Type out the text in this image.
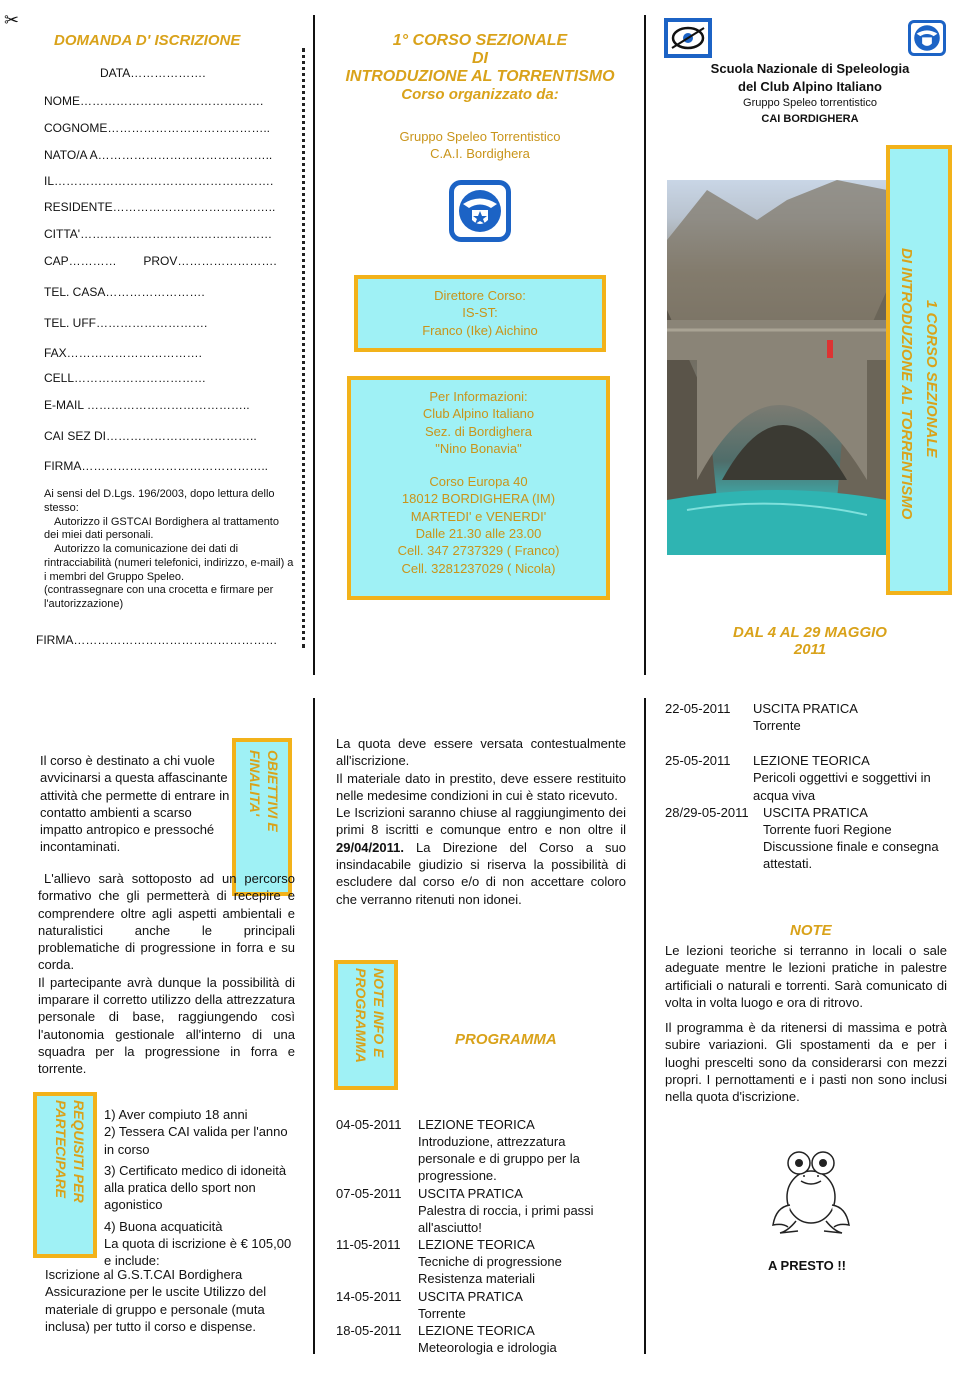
✂
DOMANDA D' ISCRIZIONE
DATA……………….
NOME……………………………………….
COGNOME…………………………………..
NATO/A A……………………………………..
IL……………………………………………….
RESIDENTE…………………………………..
CITTA'…………………………………………
CAP…………        PROV…………………….
TEL. CASA…………………….
TEL. UFF……………………….
FAX…………………………….
CELL……………………………
E-MAIL …………………………………..
CAI SEZ DI………………………………..
FIRMA………………………………………..
Ai sensi del D.Lgs. 196/2003, dopo lettura dello stesso:
Autorizzo il GSTCAI Bordighera al trattamento dei miei dati personali.
Autorizzo la comunicazione dei dati di rintracciabilità (numeri telefonici, indirizzo, e-mail) a i membri del Gruppo Speleo.
(contrassegnare con una crocetta e firmare per l'autorizzazione)
FIRMA……………………………………………
1° CORSO SEZIONALE
DI
INTRODUZIONE AL TORRENTISMO
Corso organizzato da:
Gruppo Speleo Torrentistico
C.A.I. Bordighera
Direttore Corso:
IS-ST:
Franco (Ike) Aichino
Per Informazioni:
Club Alpino Italiano
Sez. di Bordighera
"Nino Bonavia"
Corso Europa 40
18012 BORDIGHERA (IM)
MARTEDI' e VENERDI'
Dalle 21.30 alle 23.00
Cell. 347 2737329 ( Franco)
Cell. 3281237029 ( Nicola)
Scuola Nazionale di Speleologia
del Club Alpino Italiano
Gruppo Speleo torrentistico
CAI BORDIGHERA
1 CORSO SEZIONALE
DI INTRODUZIONE AL TORRENTISMO
DAL 4 AL 29 MAGGIO
2011
OBIETTIVI E FINALITA'
Il corso è destinato a chi vuole avvicinarsi a questa affascinante attività che permette di entrare in contatto ambienti a scarso impatto antropico e pressoché incontaminati.
L'allievo sarà sottoposto ad un percorso formativo che gli permetterà di recepire e comprendere oltre agli aspetti ambientali e naturalistici anche le principali problematiche di progressione in forra e su corda.
Il partecipante avrà dunque la possibilità di imparare il corretto utilizzo della attrezzatura personale di base, raggiungendo così l'autonomia gestionale all'interno di una squadra per la progressione in forra e torrente.
REQUISITI PER PARTECIPARE	1) Aver compiuto 18 anni
2) Tessera CAI valida per l'anno in corso
3) Certificato medico di idoneità alla pratica dello sport non agonistico
4) Buona acquaticità
La quota di iscrizione è € 105,00 e include:
Iscrizione al G.S.T.CAI Bordighera Assicurazione per le uscite Utilizzo del materiale di gruppo e personale (muta inclusa) per tutto il corso e dispense.
La quota deve essere versata contestualmente all'iscrizione.
Il materiale dato in prestito, deve essere restituito nelle medesime condizioni in cui è stato ricevuto.
Le Iscrizioni saranno chiuse al raggiungimento dei primi 8 iscritti e comunque entro e non oltre il 29/04/2011. La Direzione del Corso a suo insindacabile giudizio si riserva la possibilità di escludere dal corso e/o di non accettare coloro che verranno ritenuti non idonei.
NOTE INFO E PROGRAMMA	PROGRAMMA
04-05-2011	LEZIONE TEORICA
Introduzione, attrezzatura personale e di gruppo per la progressione.
07-05-2011	USCITA PRATICA
Palestra di roccia, i primi passi all'asciutto!
11-05-2011	LEZIONE TEORICA
Tecniche di progressione Resistenza materiali
14-05-2011	USCITA PRATICA
Torrente
18-05-2011	LEZIONE TEORICA
Meteorologia e idrologia
22-05-2011	USCITA PRATICA
Torrente
25-05-2011	LEZIONE TEORICA
Pericoli oggettivi e soggettivi in acqua viva
28/29-05-2011	USCITA PRATICA
Torrente fuori Regione Discussione finale e consegna attestati.
NOTE
Le lezioni teoriche si terranno in locali o sale adeguate mentre le lezioni pratiche in palestre artificiali o naturali e torrenti. Sarà comunicato di volta in volta luogo e ora di ritrovo.
Il programma è da ritenersi di massima e potrà subire variazioni. Gli spostamenti da e per i luoghi prescelti sono da considerarsi con mezzi propri. I pernottamenti e i pasti non sono inclusi nella quota d'iscrizione.
A PRESTO !!
